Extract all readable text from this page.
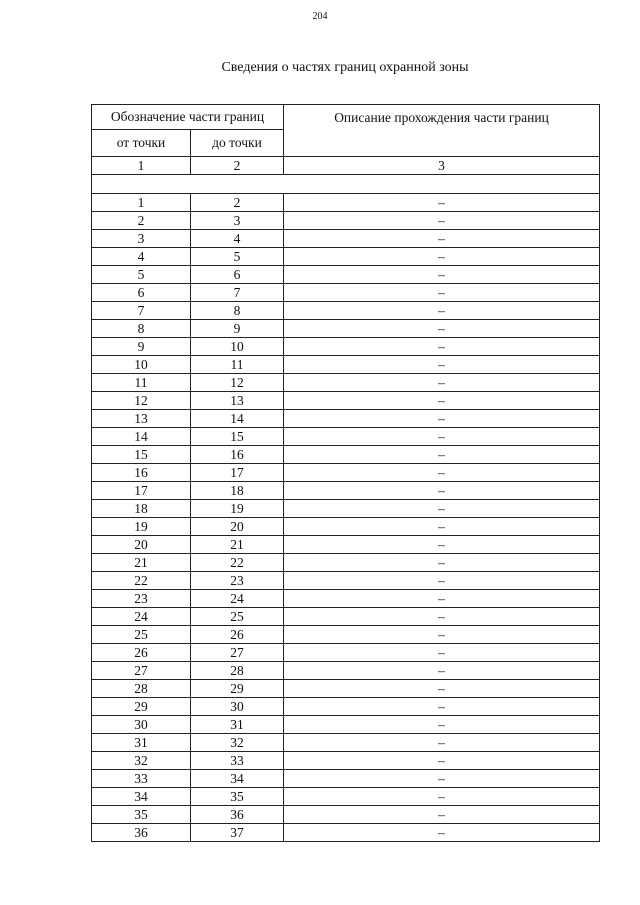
204
Сведения о частях границ охранной зоны
Обозначение части границ		Описание прохождения части границ
от точки	до точки	
1	2	3

1	2	–
2	3	–
3	4	–
4	5	–
5	6	–
6	7	–
7	8	–
8	9	–
9	10	–
10	11	–
11	12	–
12	13	–
13	14	–
14	15	–
15	16	–
16	17	–
17	18	–
18	19	–
19	20	–
20	21	–
21	22	–
22	23	–
23	24	–
24	25	–
25	26	–
26	27	–
27	28	–
28	29	–
29	30	–
30	31	–
31	32	–
32	33	–
33	34	–
34	35	–
35	36	–
36	37	–
